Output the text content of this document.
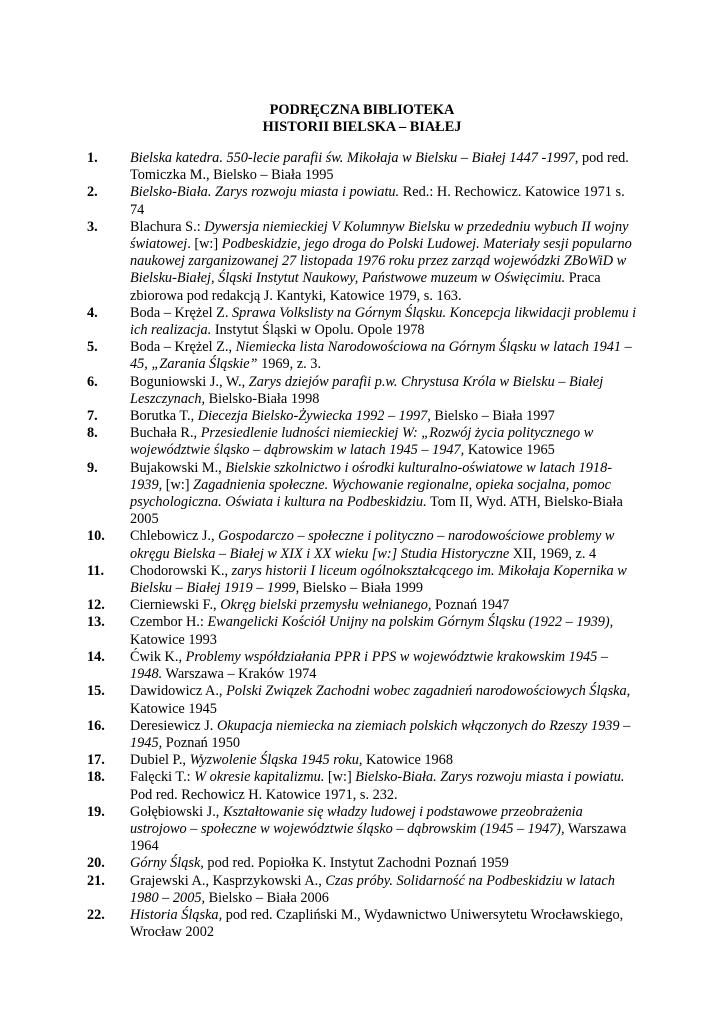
PODRĘCZNA BIBLIOTEKA
HISTORII BIELSKA – BIAŁEJ
1. Bielska katedra. 550-lecie parafii św. Mikołaja w Bielsku – Białej 1447 -1997, pod red. Tomiczka M., Bielsko – Biała 1995
2. Bielsko-Biała. Zarys rozwoju miasta i powiatu. Red.: H. Rechowicz. Katowice 1971 s. 74
3. Blachura S.: Dywersja niemieckiej V Kolumnyw Bielsku w przededniu wybuch II wojny światowej. [w:] Podbeskidzie, jego droga do Polski Ludowej. Materiały sesji popularno naukowej zarganizowanej 27 listopada 1976 roku przez zarząd wojewódzki ZBoWiD w Bielsku-Białej, Śląski Instytut Naukowy, Państwowe muzeum w Oświęcimiu. Praca zbiorowa pod redakcją J. Kantyki, Katowice 1979, s. 163.
4. Boda – Krężel Z. Sprawa Volkslisty na Górnym Śląsku. Koncepcja likwidacji problemu i ich realizacja. Instytut Śląski w Opolu. Opole 1978
5. Boda – Krężel Z., Niemiecka lista Narodowościowa na Górnym Śląsku w latach 1941 – 45, „Zarania Śląskie” 1969, z. 3.
6. Boguniowski J., W., Zarys dziejów parafii p.w. Chrystusa Króla w Bielsku – Białej Leszczynach, Bielsko-Biała 1998
7. Borutka T., Diecezja Bielsko-Żywiecka 1992 – 1997, Bielsko – Biała 1997
8. Buchała R., Przesiedlenie ludności niemieckiej W: „Rozwój życia politycznego w województwie śląsko – dąbrowskim w latach 1945 – 1947, Katowice 1965
9. Bujakowski M., Bielskie szkolnictwo i ośrodki kulturalno-oświatowe w latach 1918-1939, [w:] Zagadnienia społeczne. Wychowanie regionalne, opieka socjalna, pomoc psychologiczna. Oświata i kultura na Podbeskidziu. Tom II, Wyd. ATH, Bielsko-Biała 2005
10. Chlebowicz J., Gospodarczo – społeczne i polityczno – narodowościowe problemy w okręgu Bielska – Białej w XIX i XX wieku [w:] Studia Historyczne XII, 1969, z. 4
11. Chodorowski K., zarys historii I liceum ogólnokształcącego im. Mikołaja Kopernika w Bielsku – Białej 1919 – 1999, Bielsko – Biała 1999
12. Cierniewski F., Okręg bielski przemysłu wełnianego, Poznań 1947
13. Czembor H.: Ewangelicki Kościół Unijny na polskim Górnym Śląsku (1922 – 1939), Katowice 1993
14. Ćwik K., Problemy współdziałania PPR i PPS w województwie krakowskim 1945 – 1948. Warszawa – Kraków 1974
15. Dawidowicz A., Polski Związek Zachodni wobec zagadnień narodowościowych Śląska, Katowice 1945
16. Deresiewicz J. Okupacja niemiecka na ziemiach polskich włączonych do Rzeszy 1939 – 1945, Poznań 1950
17. Dubiel P., Wyzwolenie Śląska 1945 roku, Katowice 1968
18. Falęcki T.: W okresie kapitalizmu. [w:] Bielsko-Biała. Zarys rozwoju miasta i powiatu. Pod red. Rechowicz H. Katowice 1971, s. 232.
19. Gołębiowski J., Kształtowanie się władzy ludowej i podstawowe przeobrażenia ustrojowo – społeczne w województwie śląsko – dąbrowskim (1945 – 1947), Warszawa 1964
20. Górny Śląsk, pod red. Popiołka K. Instytut Zachodni Poznań 1959
21. Grajewski A., Kasprzykowski A., Czas próby. Solidarność na Podbeskidziu w latach 1980 – 2005, Bielsko – Biała 2006
22. Historia Śląska, pod red. Czapliński M., Wydawnictwo Uniwersytetu Wrocławskiego, Wrocław 2002
